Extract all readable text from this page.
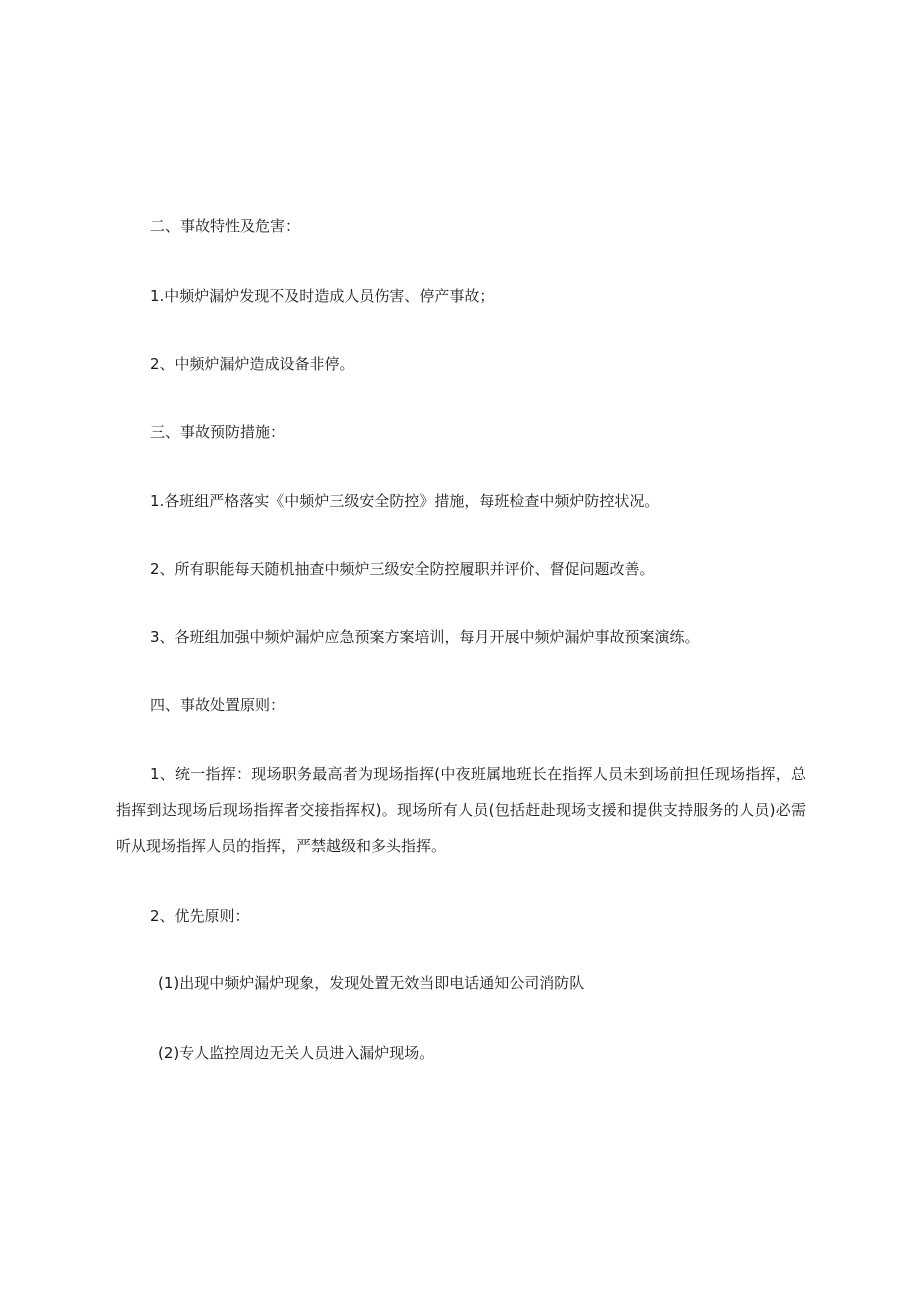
二、事故特性及危害：

1.中频炉漏炉发现不及时造成人员伤害、停产事故；

2、中频炉漏炉造成设备非停。

三、事故预防措施：

1.各班组严格落实《中频炉三级安全防控》措施，每班检查中频炉防控状况。

2、所有职能每天随机抽查中频炉三级安全防控履职并评价、督促问题改善。

3、各班组加强中频炉漏炉应急预案方案培训，每月开展中频炉漏炉事故预案演练。

四、事故处置原则：

1、统一指挥：现场职务最高者为现场指挥(中夜班属地班长在指挥人员未到场前担任现场指挥，总指挥到达现场后现场指挥者交接指挥权)。现场所有人员(包括赶赴现场支援和提供支持服务的人员)必需听从现场指挥人员的指挥，严禁越级和多头指挥。

2、优先原则：

(1)出现中频炉漏炉现象，发现处置无效当即电话通知公司消防队

(2)专人监控周边无关人员进入漏炉现场。
